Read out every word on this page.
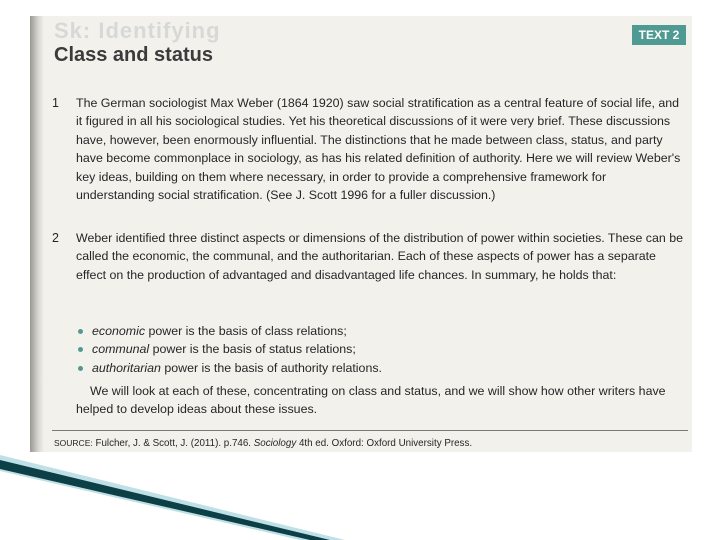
Sk: Identifying	TEXT 2
Class and status
1 The German sociologist Max Weber (1864 1920) saw social stratification as a central feature of social life, and it figured in all his sociological studies. Yet his theoretical discussions of it were very brief. These discussions have, however, been enormously influential. The distinctions that he made between class, status, and party have become commonplace in sociology, as has his related definition of authority. Here we will review Weber's key ideas, building on them where necessary, in order to provide a comprehensive framework for understanding social stratification. (See J. Scott 1996 for a fuller discussion.)

2 Weber identified three distinct aspects or dimensions of the distribution of power within societies. These can be called the economic, the communal, and the authoritarian. Each of these aspects of power has a separate effect on the production of advantaged and disadvantaged life chances. In summary, he holds that:

economic power is the basis of class relations;
communal power is the basis of status relations;
authoritarian power is the basis of authority relations.

We will look at each of these, concentrating on class and status, and we will show how other writers have helped to develop ideas about these issues.

SOURCE: Fulcher, J. & Scott, J. (2011). p.746. Sociology 4th ed. Oxford: Oxford University Press.
